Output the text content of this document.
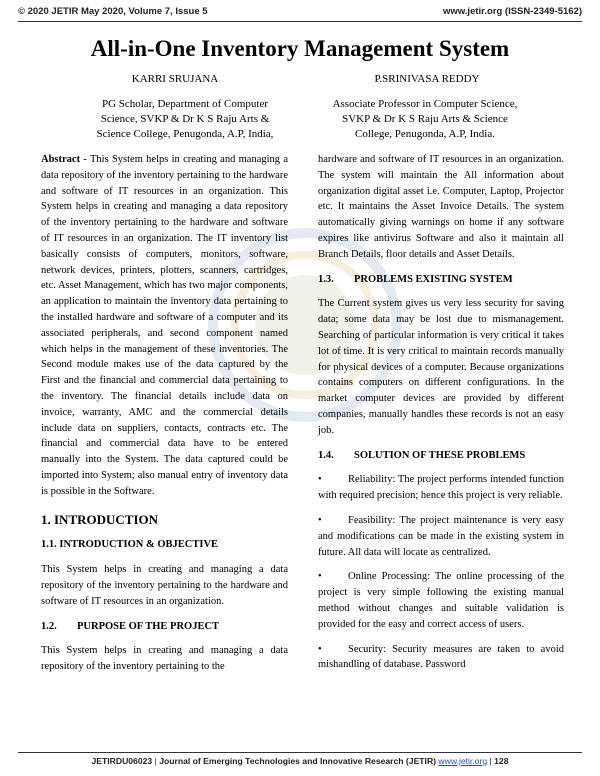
© 2020 JETIR May 2020, Volume 7, Issue 5	www.jetir.org (ISSN-2349-5162)
All-in-One Inventory Management System
KARRI SRUJANA	P.SRINIVASA REDDY
PG Scholar, Department of Computer
Science, SVKP & Dr K S Raju Arts &
Science College, Penugonda, A.P, India,
Associate Professor in Computer Science,
SVKP & Dr K S Raju Arts & Science
College, Penugonda, A.P, India.

Abstract - This System helps in creating and managing a data repository of the inventory pertaining to the hardware and software of IT resources in an organization. This System helps in creating and managing a data repository of the inventory pertaining to the hardware and software of IT resources in an organization. The IT inventory list basically consists of computers, monitors, software, network devices, printers, plotters, scanners, cartridges, etc. Asset Management, which has two major components, an application to maintain the inventory data pertaining to the installed hardware and software of a computer and its associated peripherals, and second component named which helps in the management of these inventories. The Second module makes use of the data captured by the First and the financial and commercial data pertaining to the inventory. The financial details include data on invoice, warranty, AMC and the commercial details include data on suppliers, contacts, contracts etc. The financial and commercial data have to be entered manually into the System. The data captured could be imported into System; also manual entry of inventory data is possible in the Software.

1. INTRODUCTION
1.1. INTRODUCTION & OBJECTIVE

This System helps in creating and managing a data repository of the inventory pertaining to the hardware and software of IT resources in an organization.

1.2. PURPOSE OF THE PROJECT

This System helps in creating and managing a data repository of the inventory pertaining to the

hardware and software of IT resources in an organization. The system will maintain the All information about organization digital asset i.e. Computer, Laptop, Projector etc. It maintains the Asset Invoice Details. The system automatically giving warnings on home if any software expires like antivirus Software and also it maintain all Branch Details, floor details and Asset Details.

1.3. PROBLEMS EXISTING SYSTEM

The Current system gives us very less security for saving data; some data may be lost due to mismanagement. Searching of particular information is very critical it takes lot of time. It is very critical to maintain records manually for physical devices of a computer. Because organizations contains computers on different configurations. In the market computer devices are provided by different companies, manually handles these records is not an easy job.

1.4. SOLUTION OF THESE PROBLEMS

•	Reliability: The project performs intended function with required precision; hence this project is very reliable.

•	Feasibility: The project maintenance is very easy and modifications can be made in the existing system in future. All data will locate as centralized.

•	Online Processing: The online processing of the project is very simple following the existing manual method without changes and suitable validation is provided for the easy and correct access of users.

•	Security: Security measures are taken to avoid mishandling of database. Password

JETIRDU06023 | Journal of Emerging Technologies and Innovative Research (JETIR) www.jetir.org | 128
